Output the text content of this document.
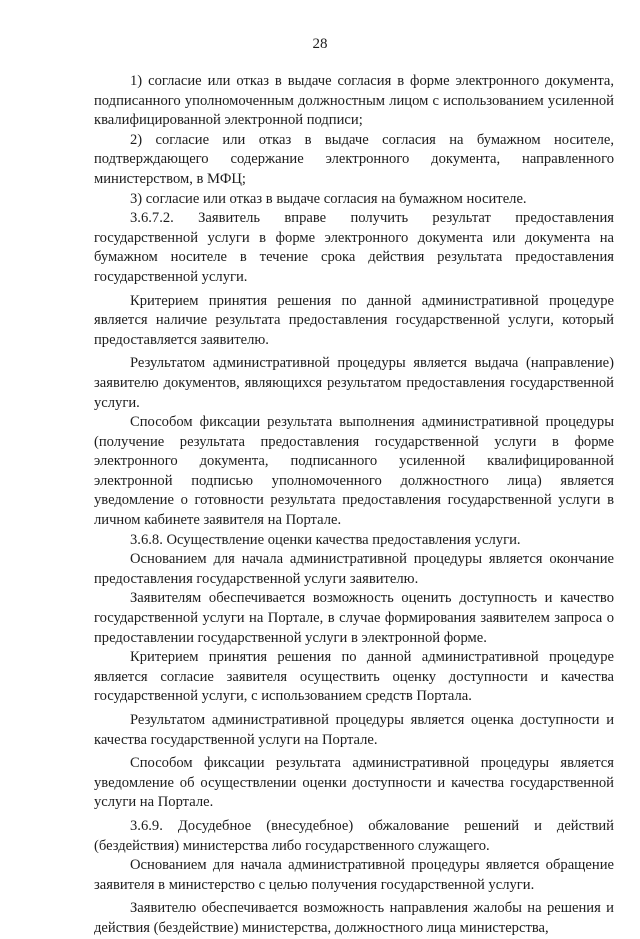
28

1) согласие или отказ в выдаче согласия в форме электронного документа, подписанного уполномоченным должностным лицом с использованием усиленной квалифицированной электронной подписи;

2) согласие или отказ в выдаче согласия на бумажном носителе, подтверждающего содержание электронного документа, направленного министерством, в МФЦ;

3) согласие или отказ в выдаче согласия на бумажном носителе.

3.6.7.2. Заявитель вправе получить результат предоставления государственной услуги в форме электронного документа или документа на бумажном носителе в течение срока действия результата предоставления государственной услуги.

Критерием принятия решения по данной административной процедуре является наличие результата предоставления государственной услуги, который предоставляется заявителю.

Результатом административной процедуры является выдача (направление) заявителю документов, являющихся результатом предоставления государственной услуги.

Способом фиксации результата выполнения административной процедуры (получение результата предоставления государственной услуги в форме электронного документа, подписанного усиленной квалифицированной электронной подписью уполномоченного должностного лица) является уведомление о готовности результата предоставления государственной услуги в личном кабинете заявителя на Портале.

3.6.8. Осуществление оценки качества предоставления услуги.

Основанием для начала административной процедуры является окончание предоставления государственной услуги заявителю.

Заявителям обеспечивается возможность оценить доступность и качество государственной услуги на Портале, в случае формирования заявителем запроса о предоставлении государственной услуги в электронной форме.

Критерием принятия решения по данной административной процедуре является согласие заявителя осуществить оценку доступности и качества государственной услуги, с использованием средств Портала.

Результатом административной процедуры является оценка доступности и качества государственной услуги на Портале.

Способом фиксации результата административной процедуры является уведомление об осуществлении оценки доступности и качества государственной услуги на Портале.

3.6.9. Досудебное (внесудебное) обжалование решений и действий (бездействия) министерства либо государственного служащего.

Основанием для начала административной процедуры является обращение заявителя в министерство с целью получения государственной услуги.

Заявителю обеспечивается возможность направления жалобы на решения и действия (бездействие) министерства, должностного лица министерства,
